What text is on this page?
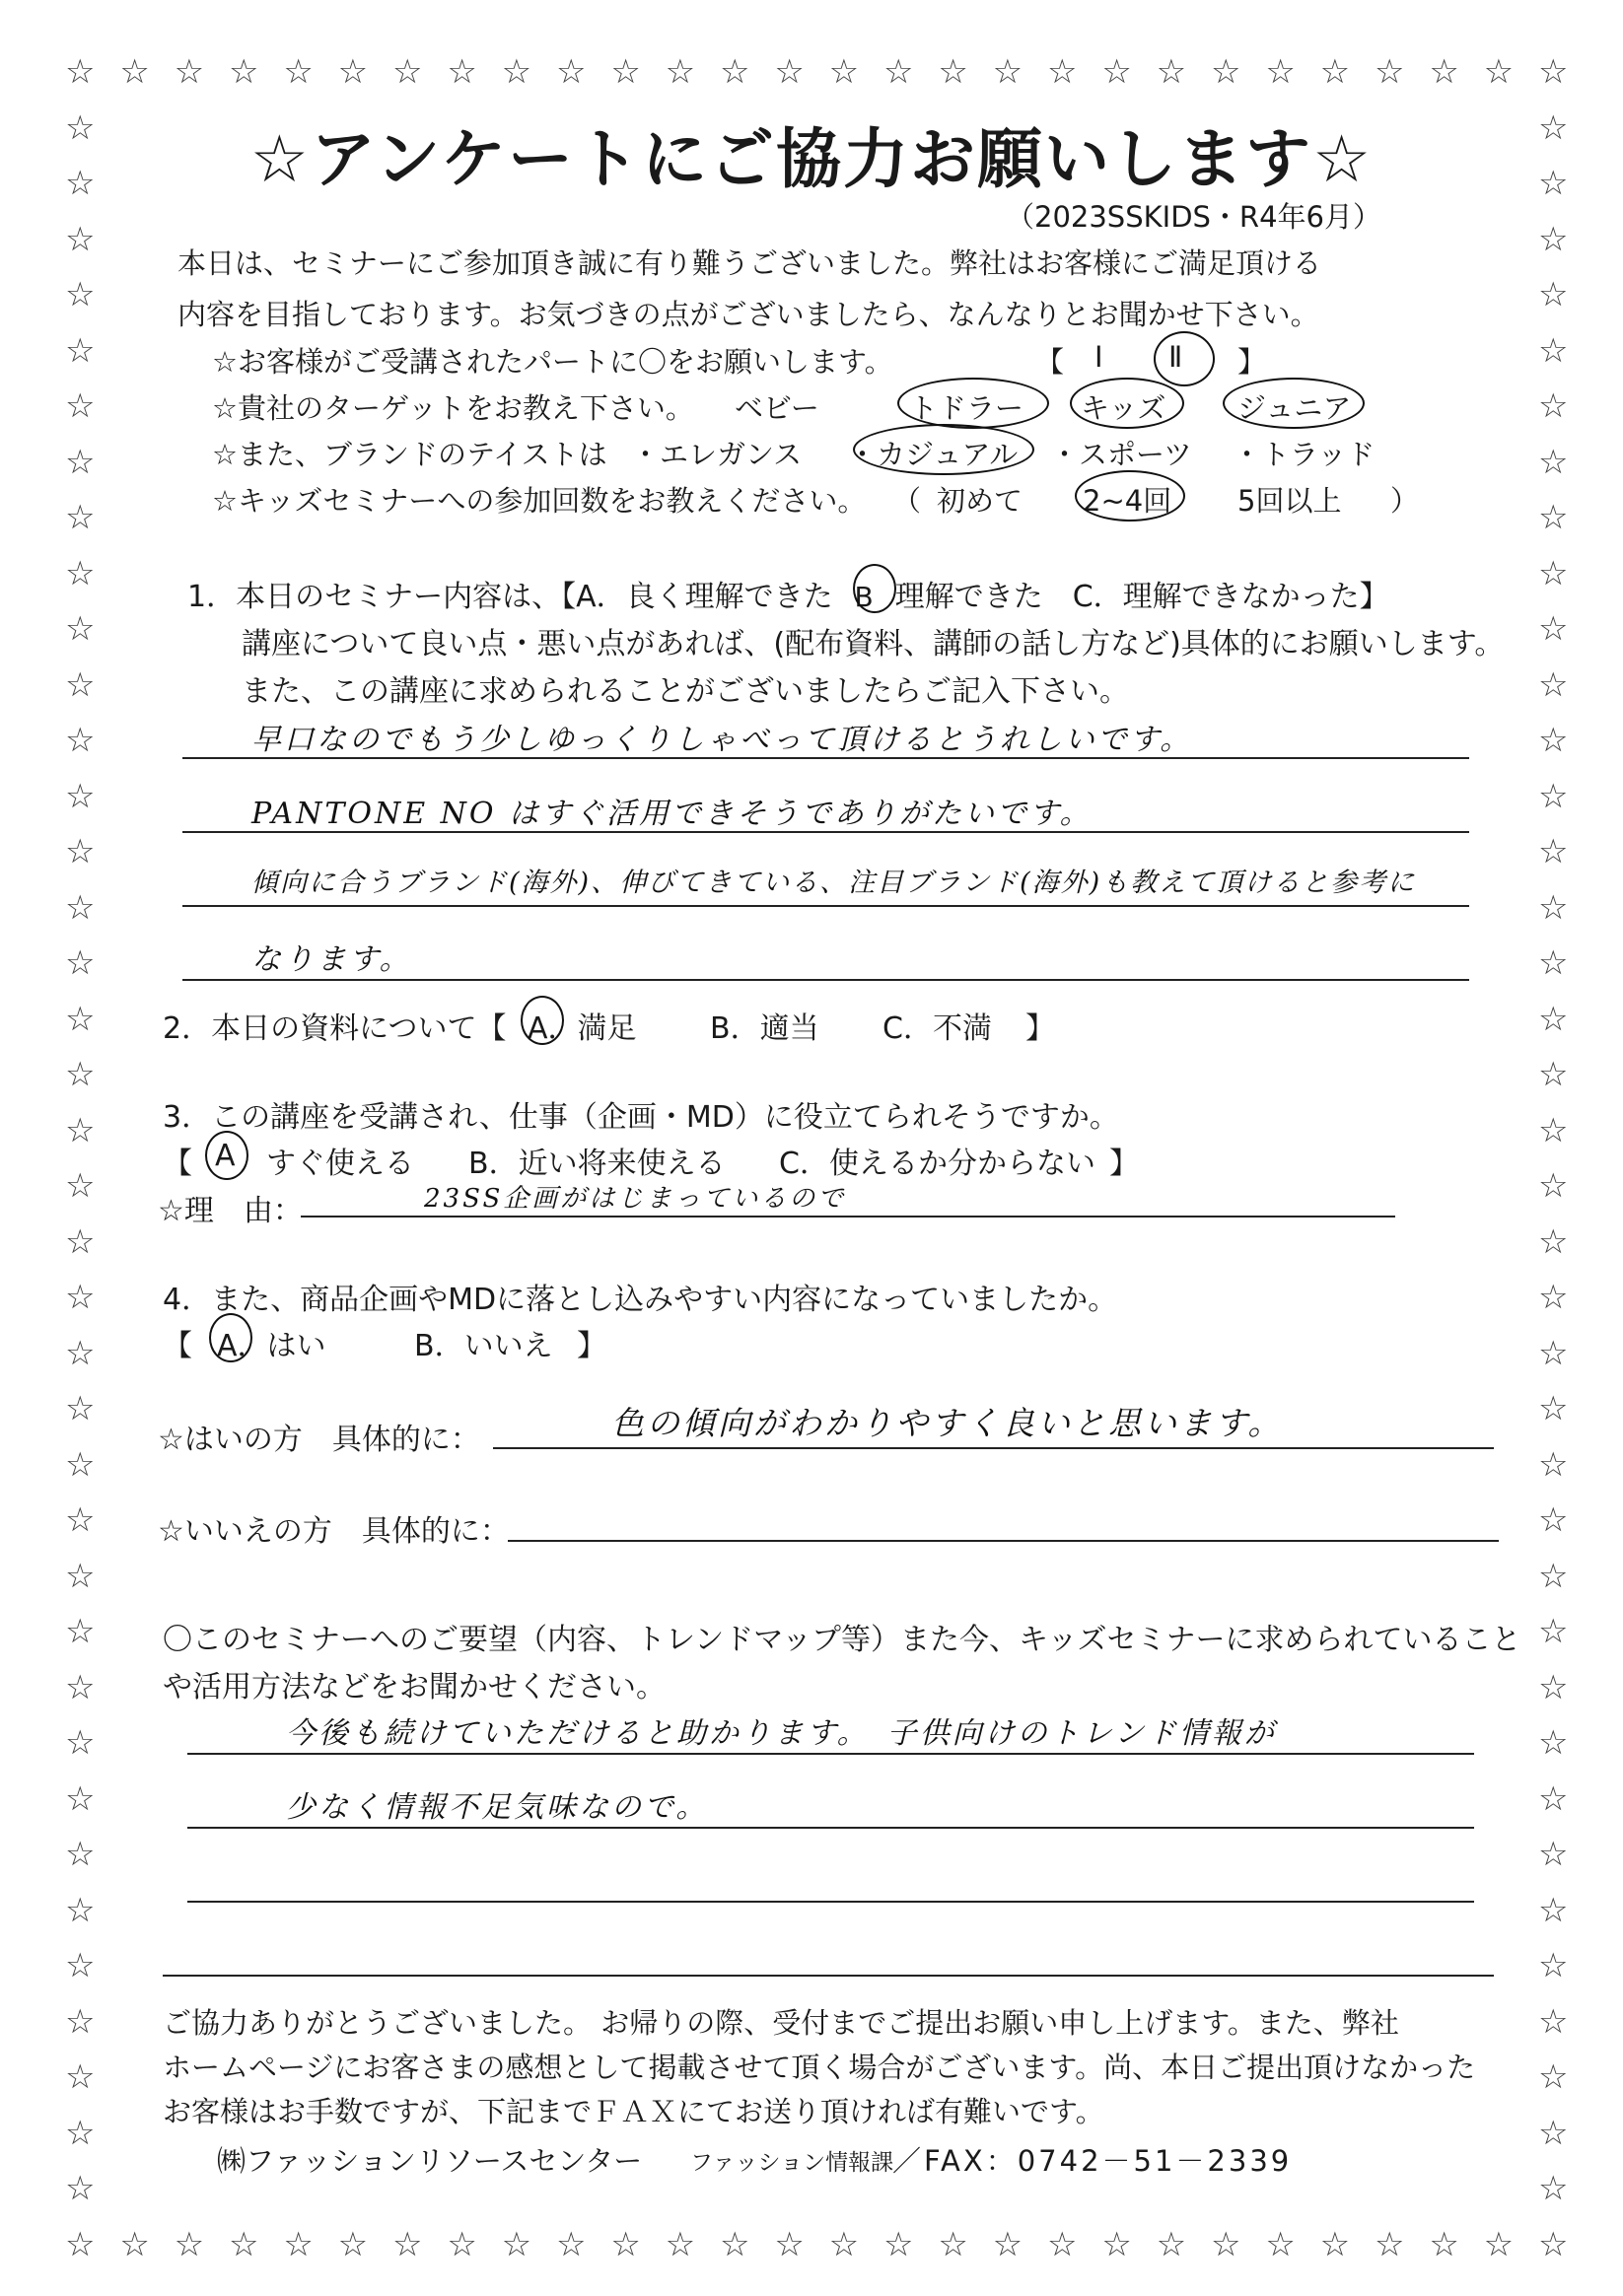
☆
☆
☆
☆
☆
☆
☆
☆
☆
☆
☆
☆
☆
☆
☆
☆
☆
☆
☆
☆
☆
☆
☆
☆
☆
☆
☆
☆
☆
☆
☆
☆
☆
☆
☆
☆
☆
☆
☆
☆
☆
☆
☆
☆
☆
☆
☆
☆
☆
☆
☆
☆
☆
☆
☆
☆
☆	☆
☆	☆
☆	☆
☆	☆
☆	☆
☆	☆
☆	☆
☆	☆
☆	☆
☆	☆
☆	☆
☆	☆
☆	☆
☆	☆
☆	☆
☆	☆
☆	☆
☆	☆
☆	☆
☆	☆
☆	☆
☆	☆
☆	☆
☆	☆
☆	☆
☆	☆
☆	☆
☆	☆
☆	☆
☆	☆
☆	☆
☆	☆
☆	☆
☆	☆
☆	☆
☆	☆
☆	☆
☆	☆
☆アンケートにご協力お願いします☆
（2023SSKIDS・R4年6月）
本日は、セミナーにご参加頂き誠に有り難うございました。弊社はお客様にご満足頂ける
内容を目指しております。お気づきの点がございましたら、なんなりとお聞かせ下さい。
☆お客様がご受講されたパートに〇をお願いします。	【 Ⅰ Ⅱ 】
☆貴社のターゲットをお教え下さい。 ベビー	トドラー キッズ	ジュニア
☆また、ブランドのテイストは ・エレガンス ・カジュアル ・スポーツ ・トラッド
☆キッズセミナーへの参加回数をお教えください。 （ 初めて 2~4回 5回以上 ）
1．本日のセミナー内容は、【A．良く理解できた B 理解できた　C．理解できなかった】
講座について良い点・悪い点があれば、(配布資料、講師の話し方など)具体的にお願いします。
また、この講座に求められることがございましたらご記入下さい。
早口なのでもう少しゆっくりしゃべって頂けるとうれしいです。
PANTONE NO はすぐ活用できそうでありがたいです。
傾向に合うブランド(海外)、伸びてきている、注目ブランド(海外)も教えて頂けると参考に
なります。
2．本日の資料について【 A．満足 B．適当 C．不満 】
3．この講座を受講され、仕事（企画・MD）に役立てられそうですか。
【 A すぐ使える B．近い将来使える C．使えるか分からない 】
☆理　由：	23SS企画がはじまっているので
4．また、商品企画やMDに落とし込みやすい内容になっていましたか。
【 A．はい	B．いいえ 】
☆はいの方　具体的に：	色の傾向がわかりやすく良いと思います。
☆いいえの方　具体的に：
〇このセミナーへのご要望（内容、トレンドマップ等）また今、キッズセミナーに求められていること
や活用方法などをお聞かせください。
今後も続けていただけると助かります。　子供向けのトレンド情報が
少なく情報不足気味なので。
ご協力ありがとうございました。 お帰りの際、受付までご提出お願い申し上げます。また、弊社
ホームページにお客さまの感想として掲載させて頂く場合がございます。尚、本日ご提出頂けなかった
お客様はお手数ですが、下記までＦＡＸにてお送り頂ければ有難いです。
㈱ファッションリソースセンター ファッション情報課
／FAX：0742－51－2339
